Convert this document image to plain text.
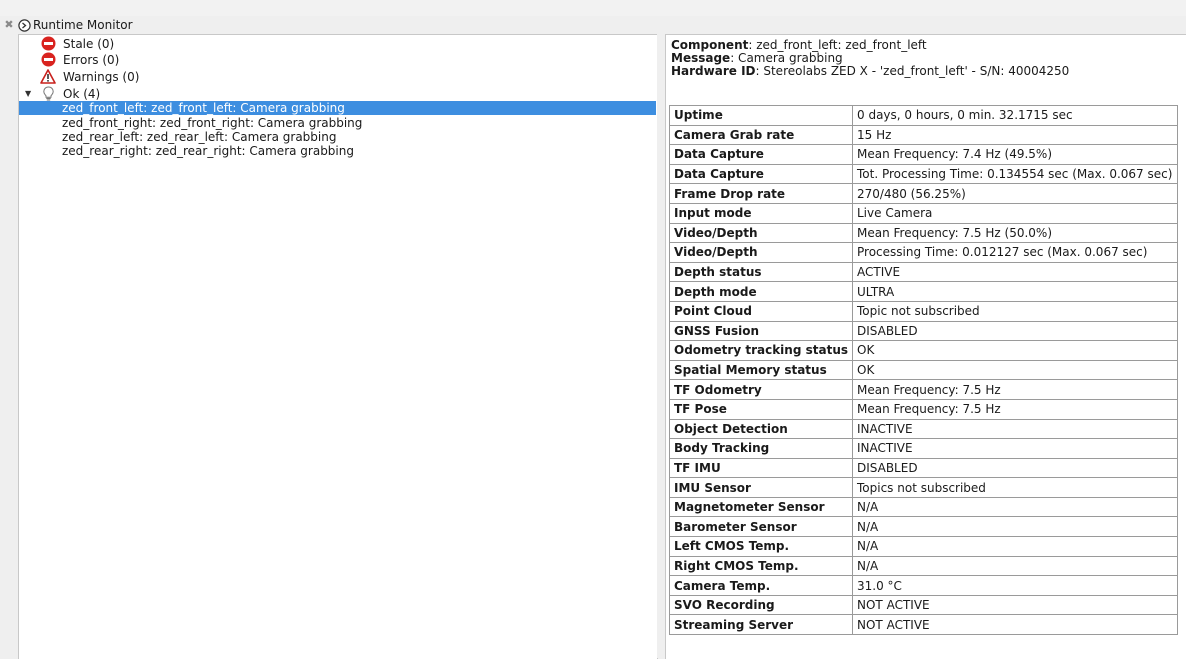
✖ Runtime Monitor
Stale (0)
Errors (0)
Warnings (0)
▼	Ok (4)
zed_front_left: zed_front_left: Camera grabbing
zed_front_right: zed_front_right: Camera grabbing
zed_rear_left: zed_rear_left: Camera grabbing
zed_rear_right: zed_rear_right: Camera grabbing
Component: zed_front_left: zed_front_left
Message: Camera grabbing
Hardware ID: Stereolabs ZED X - 'zed_front_left' - S/N: 40004250
Uptime	0 days, 0 hours, 0 min. 32.1715 sec
Camera Grab rate	15 Hz
Data Capture	Mean Frequency: 7.4 Hz (49.5%)
Data Capture	Tot. Processing Time: 0.134554 sec (Max. 0.067 sec)
Frame Drop rate	270/480 (56.25%)
Input mode	Live Camera
Video/Depth	Mean Frequency: 7.5 Hz (50.0%)
Video/Depth	Processing Time: 0.012127 sec (Max. 0.067 sec)
Depth status	ACTIVE
Depth mode	ULTRA
Point Cloud	Topic not subscribed
GNSS Fusion	DISABLED
Odometry tracking status	OK
Spatial Memory status	OK
TF Odometry	Mean Frequency: 7.5 Hz
TF Pose	Mean Frequency: 7.5 Hz
Object Detection	INACTIVE
Body Tracking	INACTIVE
TF IMU	DISABLED
IMU Sensor	Topics not subscribed
Magnetometer Sensor	N/A
Barometer Sensor	N/A
Left CMOS Temp.	N/A
Right CMOS Temp.	N/A
Camera Temp.	31.0 °C
SVO Recording	NOT ACTIVE
Streaming Server	NOT ACTIVE
